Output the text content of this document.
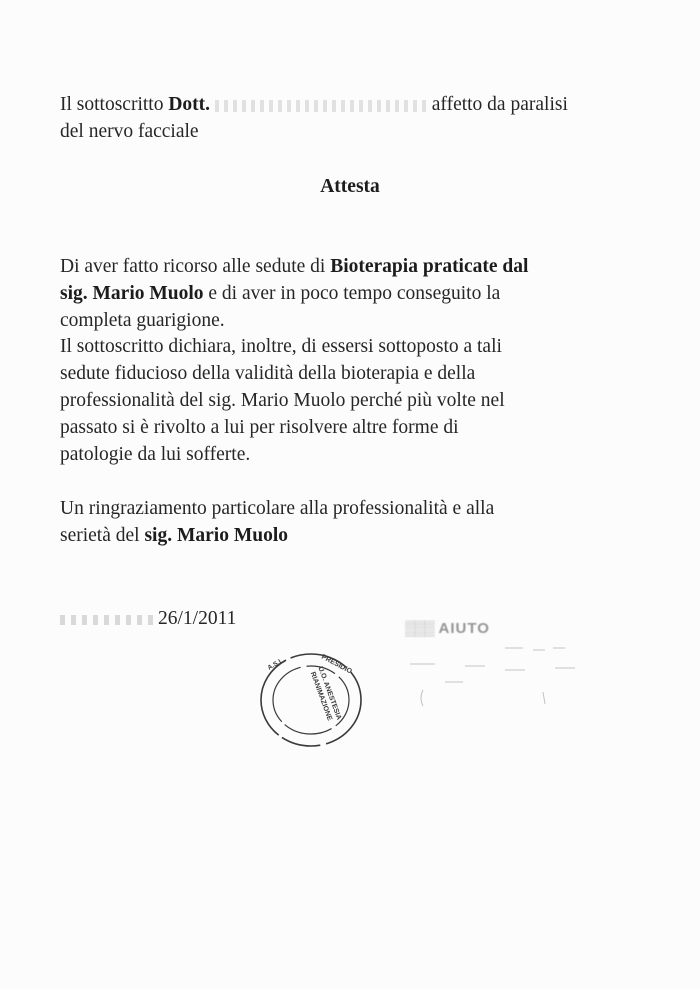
Il sottoscritto Dott.	affetto da paralisi

del nervo facciale

Attesta

Di aver fatto ricorso alle sedute di Bioterapia praticate dal

sig. Mario Muolo e di aver in poco tempo conseguito la

completa guarigione.

Il sottoscritto dichiara, inoltre, di essersi sottoposto a tali

sedute fiducioso della validità della bioterapia e della

professionalità del sig. Mario Muolo perché più volte nel

passato si è rivolto a lui per risolvere altre forme di

patologie da lui sofferte.

Un ringraziamento particolare alla professionalità e alla

serietà del sig. Mario Muolo

26/1/2011	▒▒▒ AIUTO
PRESIDIO
A.S.L.
U.O. ANESTESIA RIANIMAZIONE
